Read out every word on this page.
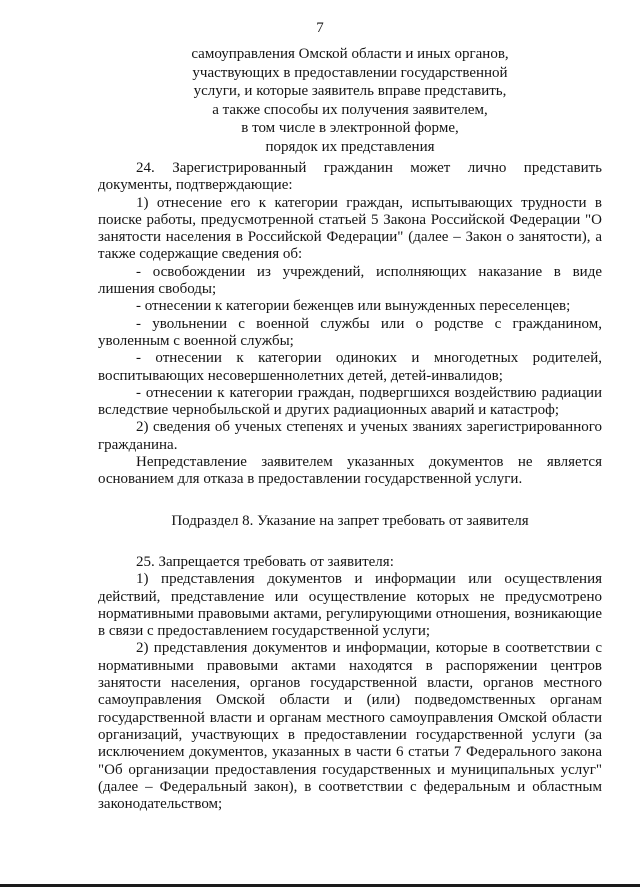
7
самоуправления Омской области и иных органов,
участвующих в предоставлении государственной
услуги, и которые заявитель вправе представить,
а также способы их получения заявителем,
в том числе в электронной форме,
порядок их представления

24. Зарегистрированный гражданин может лично представить документы, подтверждающие:

1) отнесение его к категории граждан, испытывающих трудности в поиске работы, предусмотренной статьей 5 Закона Российской Федерации "О занятости населения в Российской Федерации" (далее – Закон о занятости), а также содержащие сведения об:

- освобождении из учреждений, исполняющих наказание в виде лишения свободы;

- отнесении к категории беженцев или вынужденных переселенцев;

- увольнении с военной службы или о родстве с гражданином, уволенным с военной службы;

- отнесении к категории одиноких и многодетных родителей, воспитывающих несовершеннолетних детей, детей-инвалидов;

- отнесении к категории граждан, подвергшихся воздействию радиации вследствие чернобыльской и других радиационных аварий и катастроф;

2) сведения об ученых степенях и ученых званиях зарегистрированного гражданина.

Непредставление заявителем указанных документов не является основанием для отказа в предоставлении государственной услуги.

Подраздел 8. Указание на запрет требовать от заявителя

25. Запрещается требовать от заявителя:

1) представления документов и информации или осуществления действий, представление или осуществление которых не предусмотрено нормативными правовыми актами, регулирующими отношения, возникающие в связи с предоставлением государственной услуги;

2) представления документов и информации, которые в соответствии с нормативными правовыми актами находятся в распоряжении центров занятости населения, органов государственной власти, органов местного самоуправления Омской области и (или) подведомственных органам государственной власти и органам местного самоуправления Омской области организаций, участвующих в предоставлении государственной услуги (за исключением документов, указанных в части 6 статьи 7 Федерального закона "Об организации предоставления государственных и муниципальных услуг" (далее – Федеральный закон), в соответствии с федеральным и областным законодательством;
